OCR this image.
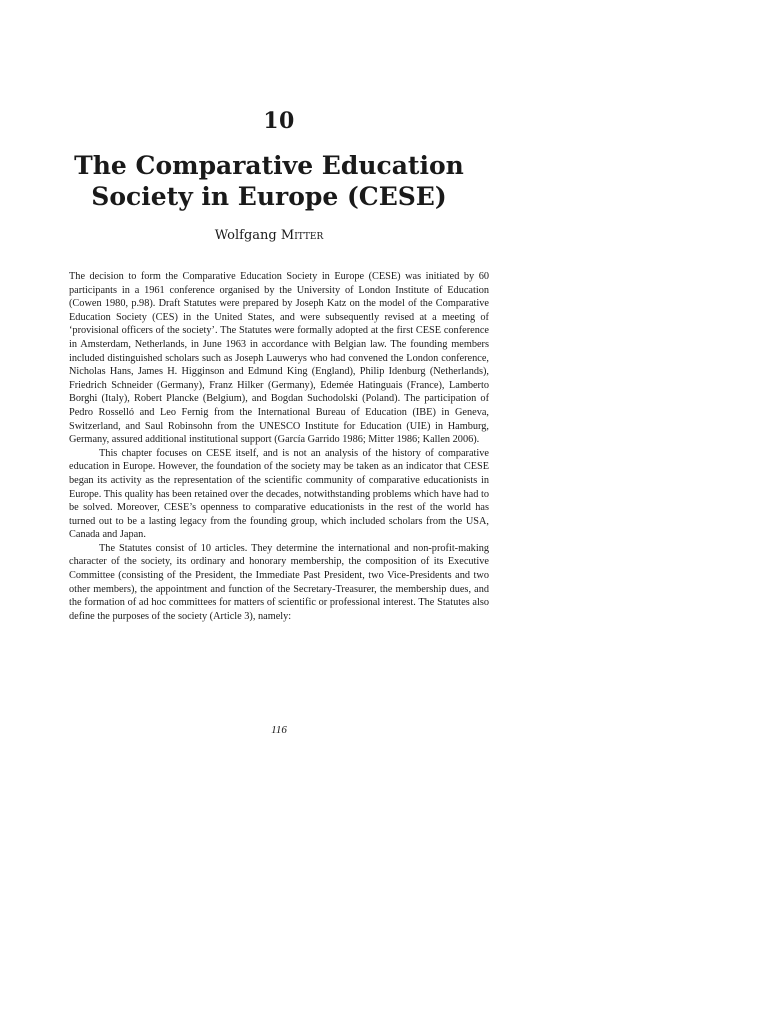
10
The Comparative Education
Society in Europe (CESE)
Wolfgang Mitter

The decision to form the Comparative Education Society in Europe (CESE) was initiated by 60 participants in a 1961 conference organised by the University of London Institute of Education (Cowen 1980, p.98). Draft Statutes were prepared by Joseph Katz on the model of the Comparative Education Society (CES) in the United States, and were subsequently revised at a meeting of ‘provisional officers of the society’. The Statutes were formally adopted at the first CESE conference in Amsterdam, Netherlands, in June 1963 in accordance with Belgian law. The founding members included distinguished scholars such as Joseph Lauwerys who had convened the London conference, Nicholas Hans, James H. Higginson and Edmund King (England), Philip Idenburg (Netherlands), Friedrich Schneider (Germany), Franz Hilker (Germany), Edemée Hatinguais (France), Lamberto Borghi (Italy), Robert Plancke (Belgium), and Bogdan Suchodolski (Poland). The participation of Pedro Rosselló and Leo Fernig from the International Bureau of Education (IBE) in Geneva, Switzerland, and Saul Robinsohn from the UNESCO Institute for Education (UIE) in Hamburg, Germany, assured additional institutional support (García Garrido 1986; Mitter 1986; Kallen 2006).

This chapter focuses on CESE itself, and is not an analysis of the history of comparative education in Europe. However, the foundation of the society may be taken as an indicator that CESE began its activity as the representation of the scientific community of comparative educationists in Europe. This quality has been retained over the decades, notwithstanding problems which have had to be solved. Moreover, CESE’s openness to comparative educationists in the rest of the world has turned out to be a lasting legacy from the founding group, which included scholars from the USA, Canada and Japan.

The Statutes consist of 10 articles. They determine the international and non-profit-making character of the society, its ordinary and honorary membership, the composition of its Executive Committee (consisting of the President, the Immediate Past President, two Vice-Presidents and two other members), the appointment and function of the Secretary-Treasurer, the membership dues, and the formation of ad hoc committees for matters of scientific or professional interest. The Statutes also define the purposes of the society (Article 3), namely:

116
